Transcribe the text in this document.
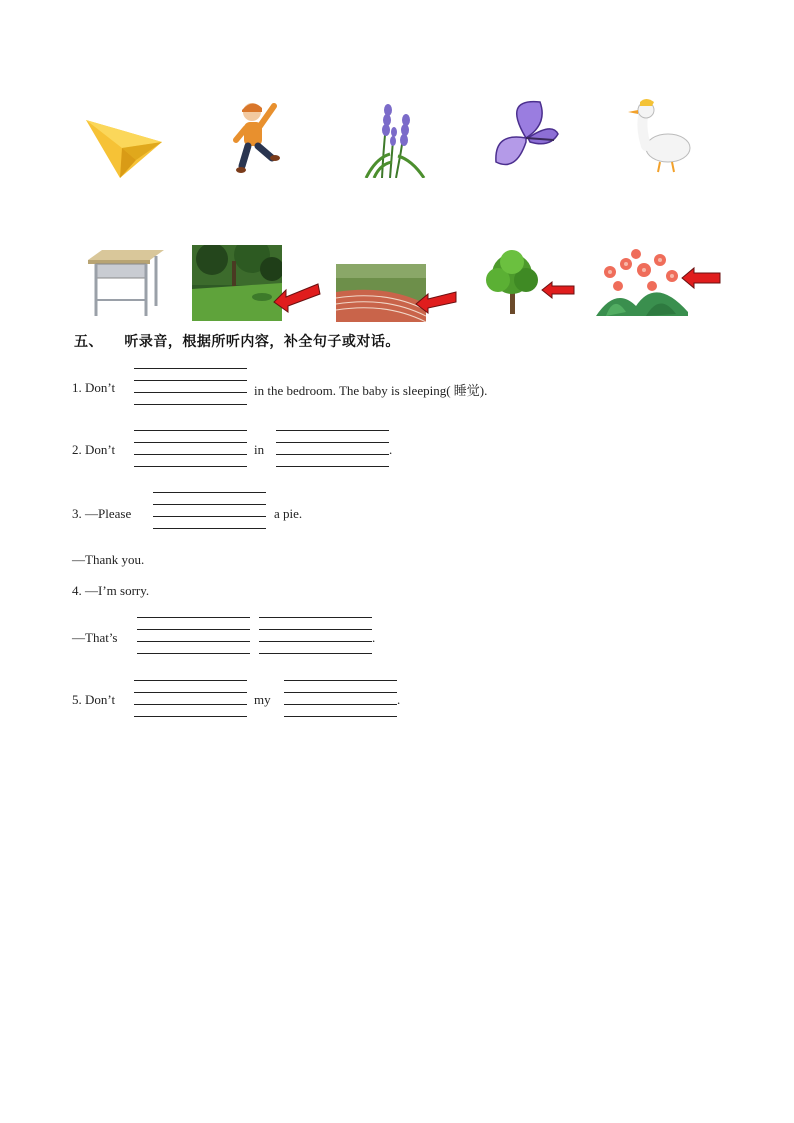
五、 听录音，根据所听内容，补全句子或对话。
1. Don’t	in the bedroom. The baby is sleeping( 睡觉).
2. Don’t	in	.
3. —Please	a pie.
—Thank you.
4. —I’m sorry.
—That’s	.
5. Don’t	my	.
